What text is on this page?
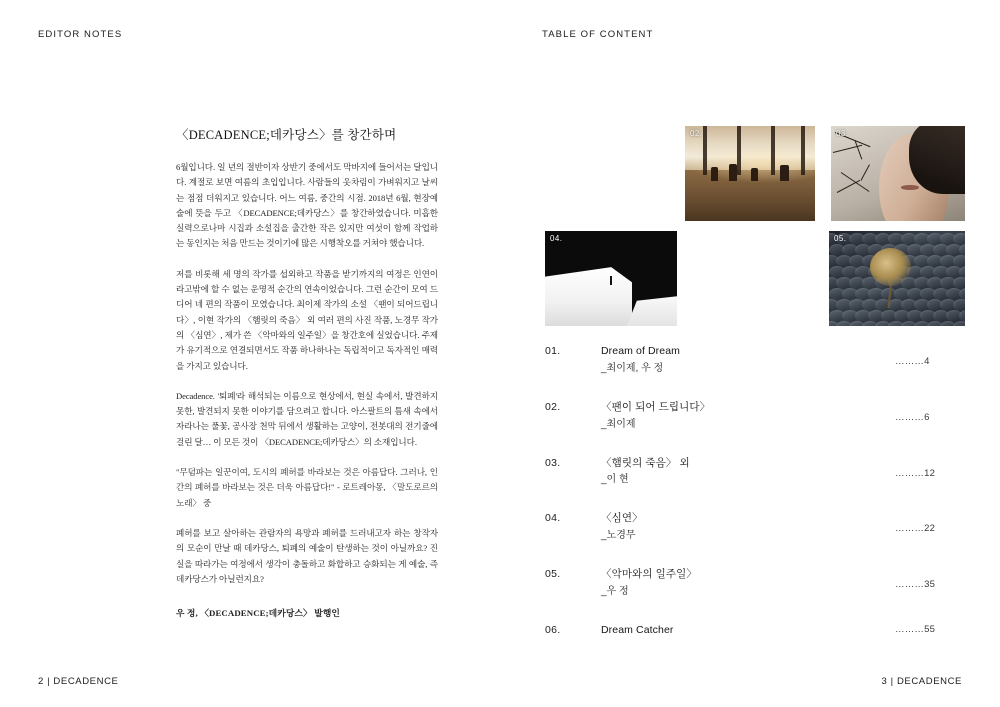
EDITOR NOTES
〈DECADENCE;데카당스〉를 창간하며

6월입니다. 일 년의 절반이자 상반기 중에서도 막바지에 들어서는 달입니다. 계절로 보면 여름의 초입입니다. 사람들의 옷차림이 가벼워지고 날씨는 점점 더워지고 있습니다. 어느 여름, 중간의 시점. 2018년 6월, 현장예술에 뜻을 두고 〈DECADENCE;데카당스〉를 창간하였습니다. 미흡한 실력으로나마 시집과 소설집을 출간한 작은 있지만 여섯이 함께 작업하는 동인지는 처음 만드는 것이기에 많은 시행착오를 거쳐야 했습니다.

저를 비롯해 세 명의 작가를 섭외하고 작품을 받기까지의 여정은 인연이라고밖에 할 수 없는 운명적 순간의 연속이었습니다. 그런 순간이 모여 드디어 네 편의 작품이 모였습니다. 최이제 작가의 소설 〈팬이 되어드립니다〉, 이현 작가의 〈햄릿의 죽음〉 외 여러 편의 사진 작품, 노경무 작가의 〈심연〉, 제가 쓴 〈악마와의 일주일〉을 창간호에 실었습니다. 주제가 유기적으로 연결되면서도 작품 하나하나는 독립적이고 독자적인 매력을 가지고 있습니다.

Decadence. '퇴폐'라 해석되는 이름으로 현상에서, 현실 속에서, 발견하지 못한, 발견되지 못한 이야기를 담으려고 합니다. 아스팔트의 틈새 속에서 자라나는 풀꽃, 공사장 천막 뒤에서 생활하는 고양이, 전봇대의 전기줄에 걸린 달… 이 모든 것이 〈DECADENCE;데카당스〉의 소재입니다.

"무덤파는 일꾼이여, 도시의 폐허를 바라보는 것은 아름답다. 그러나, 인간의 폐허를 바라보는 것은 더욱 아름답다!" - 로트레아몽, 〈말도로르의 노래〉 중

폐허를 보고 살아하는 관람자의 욕망과 폐허를 드러내고자 하는 창작자의 모순이 만날 때 데카당스, 퇴폐의 예술이 탄생하는 것이 아닐까요? 진실을 따라가는 여정에서 생각이 충돌하고 화합하고 승화되는 게 예술, 즉 데카당스가 아닐런지요?

우 정, 〈DECADENCE;데카당스〉 발행인

2 | DECADENCE
TABLE OF CONTENT
02.	03.
04.	05.
01.	Dream of Dream
_최이제, 우 정
………4
02.	〈팬이 되어 드립니다〉
_최이제
………6
03.	〈햄릿의 죽음〉 외
_이 현
………12
04.	〈심연〉
_노경무
………22
05.	〈악마와의 일주일〉
_우 정
………35
06.	Dream Catcher	………55
3 | DECADENCE
